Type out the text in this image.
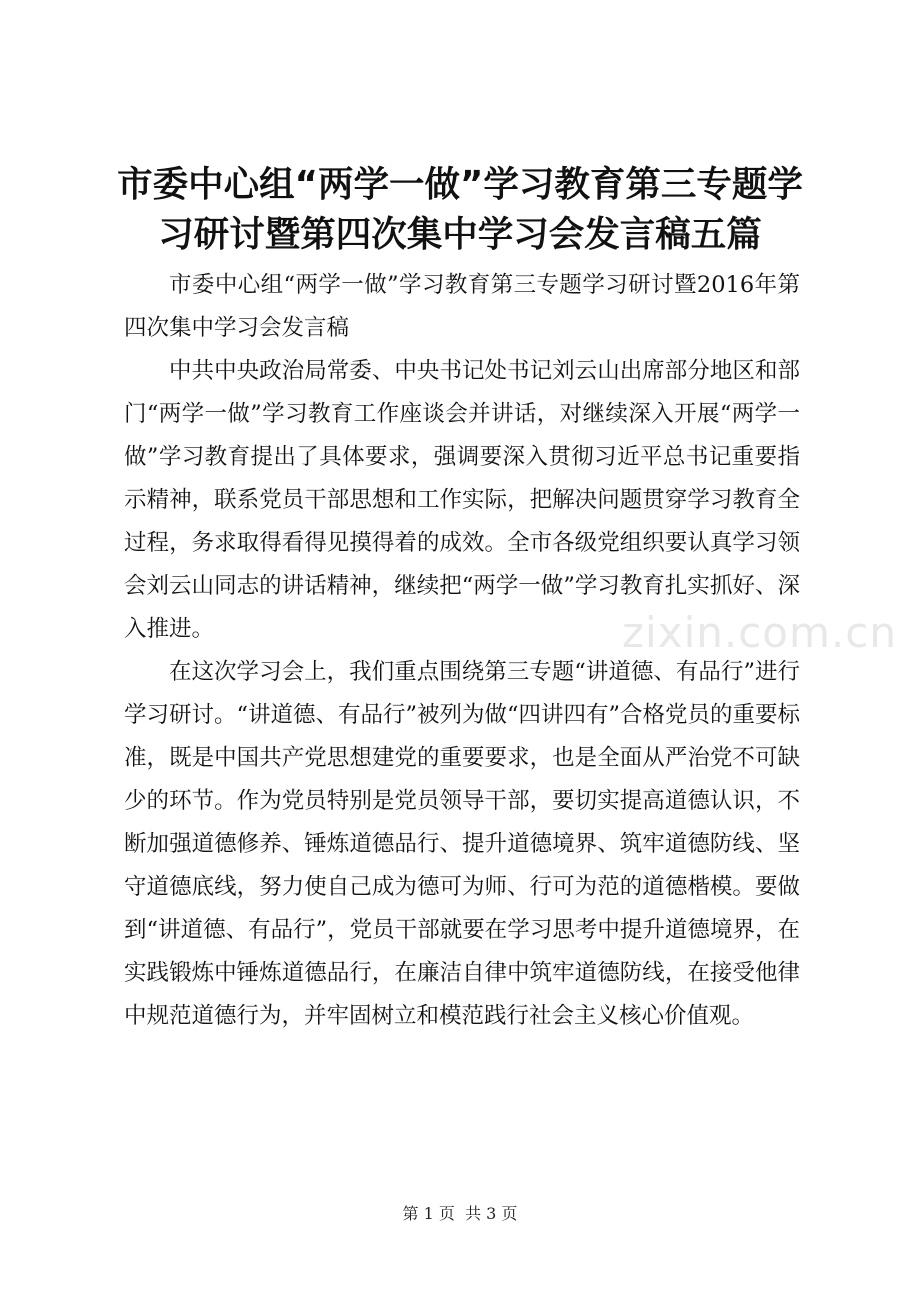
市委中心组“两学一做”学习教育第三专题学习研讨暨第四次集中学习会发言稿五篇

市委中心组“两学一做”学习教育第三专题学习研讨暨2016年第四次集中学习会发言稿

中共中央政治局常委、中央书记处书记刘云山出席部分地区和部门“两学一做”学习教育工作座谈会并讲话，对继续深入开展“两学一做”学习教育提出了具体要求，强调要深入贯彻习近平总书记重要指示精神，联系党员干部思想和工作实际，把解决问题贯穿学习教育全过程，务求取得看得见摸得着的成效。全市各级党组织要认真学习领会刘云山同志的讲话精神，继续把“两学一做”学习教育扎实抓好、深入推进。

在这次学习会上，我们重点围绕第三专题“讲道德、有品行”进行学习研讨。“讲道德、有品行”被列为做“四讲四有”合格党员的重要标准，既是中国共产党思想建党的重要要求，也是全面从严治党不可缺少的环节。作为党员特别是党员领导干部，要切实提高道德认识，不断加强道德修养、锤炼道德品行、提升道德境界、筑牢道德防线、坚守道德底线，努力使自己成为德可为师、行可为范的道德楷模。要做到“讲道德、有品行”，党员干部就要在学习思考中提升道德境界，在实践锻炼中锤炼道德品行，在廉洁自律中筑牢道德防线，在接受他律中规范道德行为，并牢固树立和模范践行社会主义核心价值观。

zixin.com.cn
第 1 页  共 3 页
